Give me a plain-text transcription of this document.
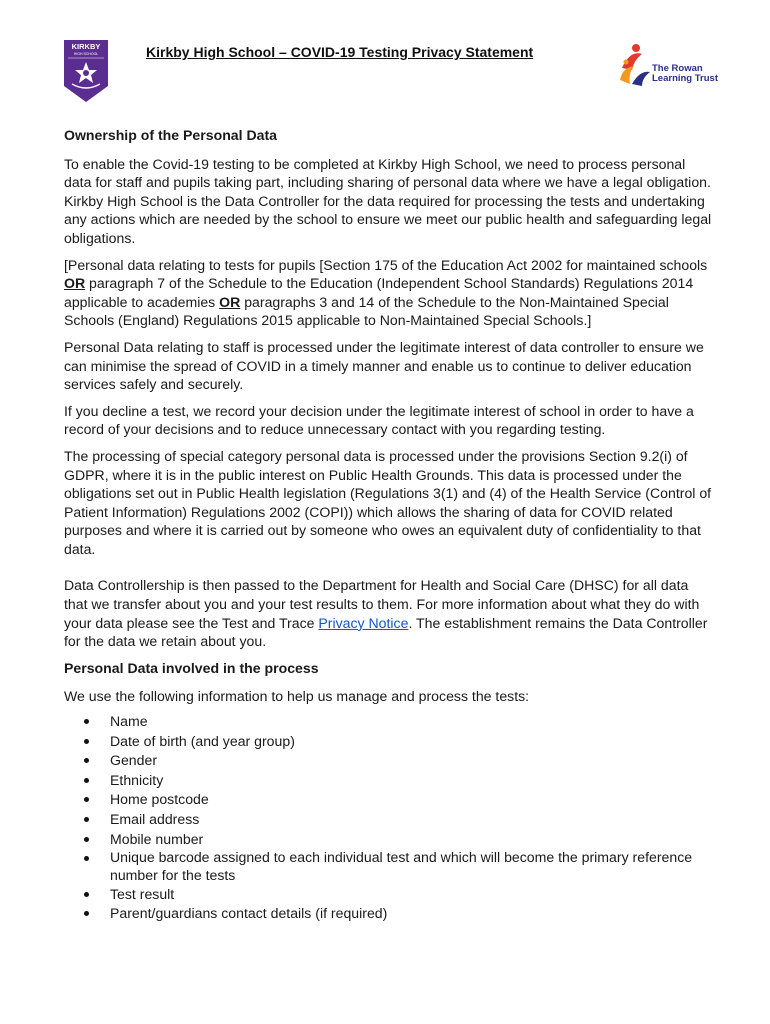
KIRKBY
HIGH SCHOOL	Kirkby High School – COVID-19 Testing Privacy Statement
The Rowan
Learning Trust
Ownership of the Personal Data

To enable the Covid-19 testing to be completed at Kirkby High School, we need to process personal data for staff and pupils taking part, including sharing of personal data where we have a legal obligation. Kirkby High School is the Data Controller for the data required for processing the tests and undertaking any actions which are needed by the school to ensure we meet our public health and safeguarding legal obligations.

[Personal data relating to tests for pupils [Section 175 of the Education Act 2002 for maintained schools OR paragraph 7 of the Schedule to the Education (Independent School Standards) Regulations 2014 applicable to academies OR paragraphs 3 and 14 of the Schedule to the Non-Maintained Special Schools (England) Regulations 2015 applicable to Non-Maintained Special Schools.]

Personal Data relating to staff is processed under the legitimate interest of data controller to ensure we can minimise the spread of COVID in a timely manner and enable us to continue to deliver education services safely and securely.

If you decline a test, we record your decision under the legitimate interest of school in order to have a record of your decisions and to reduce unnecessary contact with you regarding testing.

The processing of special category personal data is processed under the provisions Section 9.2(i) of GDPR, where it is in the public interest on Public Health Grounds. This data is processed under the obligations set out in Public Health legislation (Regulations 3(1) and (4) of the Health Service (Control of Patient Information) Regulations 2002 (COPI)) which allows the sharing of data for COVID related purposes and where it is carried out by someone who owes an equivalent duty of confidentiality to that data.

Data Controllership is then passed to the Department for Health and Social Care (DHSC) for all data that we transfer about you and your test results to them. For more information about what they do with your data please see the Test and Trace Privacy Notice. The establishment remains the Data Controller for the data we retain about you.

Personal Data involved in the process

We use the following information to help us manage and process the tests:

Name
Date of birth (and year group)
Gender
Ethnicity
Home postcode
Email address
Mobile number
Unique barcode assigned to each individual test and which will become the primary reference number for the tests
Test result
Parent/guardians contact details (if required)
